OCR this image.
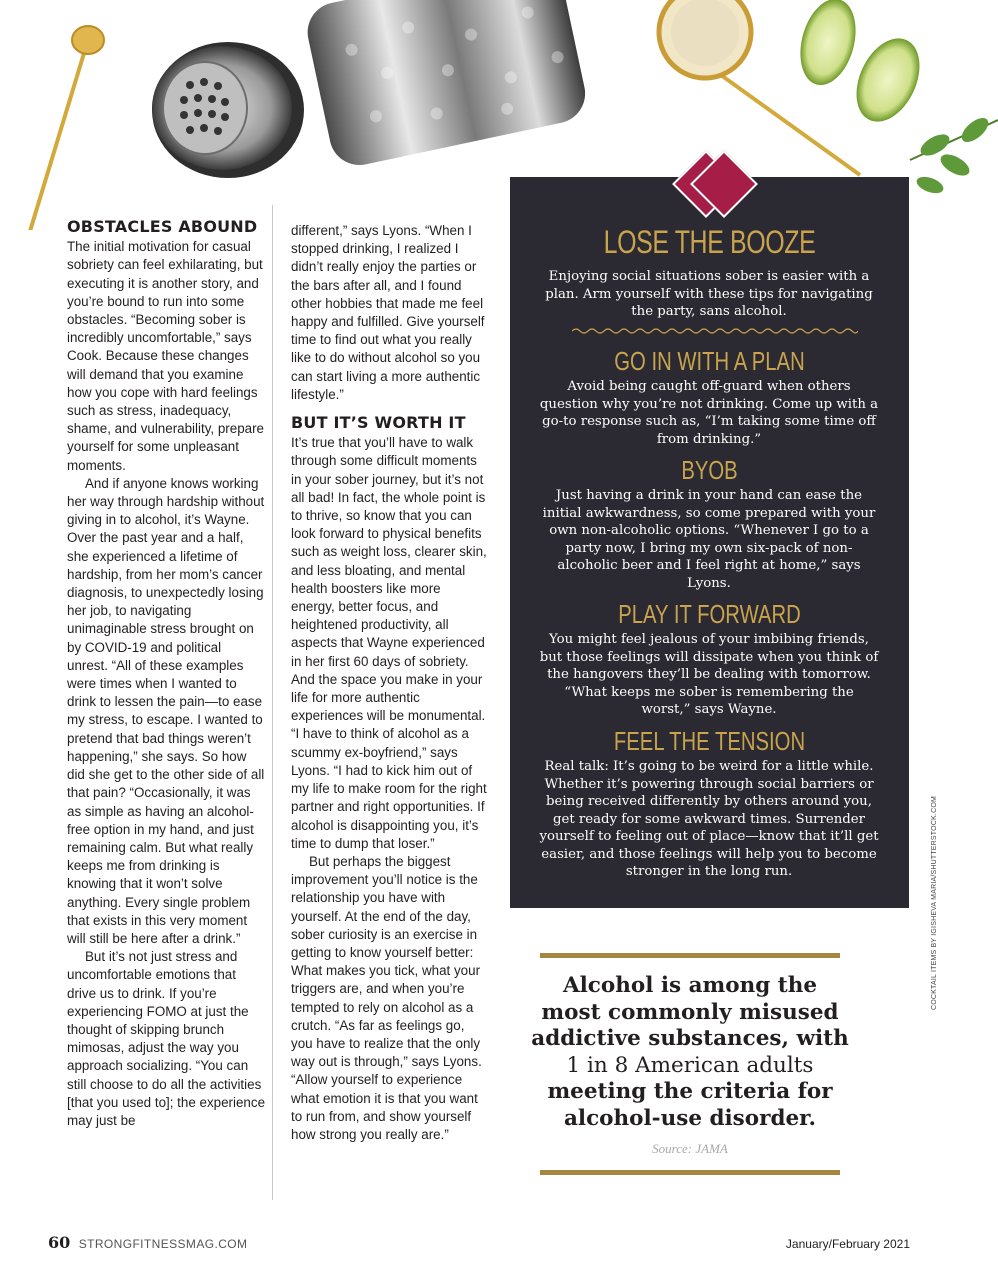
OBSTACLES ABOUND

The initial motivation for casual sobriety can feel exhilarating, but executing it is another story, and you’re bound to run into some obstacles. “Becoming sober is incredibly uncomfortable,” says Cook. Because these changes will demand that you examine how you cope with hard feelings such as stress, inadequacy, shame, and vulnerability, prepare yourself for some unpleasant moments.

And if anyone knows working her way through hardship without giving in to alcohol, it’s Wayne. Over the past year and a half, she experienced a lifetime of hardship, from her mom’s cancer diagnosis, to unexpectedly losing her job, to navigating unimaginable stress brought on by COVID-19 and political unrest. “All of these examples were times when I wanted to drink to lessen the pain—to ease my stress, to escape. I wanted to pretend that bad things weren’t happening,” she says. So how did she get to the other side of all that pain? “Occasionally, it was as simple as having an alcohol-free option in my hand, and just remaining calm. But what really keeps me from drinking is knowing that it won’t solve anything. Every single problem that exists in this very moment will still be here after a drink.”

But it’s not just stress and uncomfortable emotions that drive us to drink. If you’re experiencing FOMO at just the thought of skipping brunch mimosas, adjust the way you approach socializing. “You can still choose to do all the activities [that you used to]; the experience may just be

different,” says Lyons. “When I stopped drinking, I realized I didn’t really enjoy the parties or the bars after all, and I found other hobbies that made me feel happy and fulfilled. Give yourself time to find out what you really like to do without alcohol so you can start living a more authentic lifestyle.”

BUT IT’S WORTH IT

It’s true that you’ll have to walk through some difficult moments in your sober journey, but it’s not all bad! In fact, the whole point is to thrive, so know that you can look forward to physical benefits such as weight loss, clearer skin, and less bloating, and mental health boosters like more energy, better focus, and heightened productivity, all aspects that Wayne experienced in her first 60 days of sobriety. And the space you make in your life for more authentic experiences will be monumental. “I have to think of alcohol as a scummy ex-boyfriend,” says Lyons. “I had to kick him out of my life to make room for the right partner and right opportunities. If alcohol is disappointing you, it’s time to dump that loser.”

But perhaps the biggest improvement you’ll notice is the relationship you have with yourself. At the end of the day, sober curiosity is an exercise in getting to know yourself better: What makes you tick, what your triggers are, and when you’re tempted to rely on alcohol as a crutch. “As far as feelings go, you have to realize that the only way out is through,” says Lyons. “Allow yourself to experience what emotion it is that you want to run from, and show yourself how strong you really are.”

LOSE THE BOOZE
Enjoying social situations sober is easier with a plan. Arm yourself with these tips for navigating the party, sans alcohol.
GO IN WITH A PLAN
Avoid being caught off-guard when others question why you’re not drinking. Come up with a go-to response such as, “I’m taking some time off from drinking.”
BYOB
Just having a drink in your hand can ease the initial awkwardness, so come prepared with your own non-alcoholic options. “Whenever I go to a party now, I bring my own six-pack of non-alcoholic beer and I feel right at home,” says Lyons.
PLAY IT FORWARD
You might feel jealous of your imbibing friends, but those feelings will dissipate when you think of the hangovers they’ll be dealing with tomorrow. “What keeps me sober is remembering the worst,” says Wayne.
FEEL THE TENSION
Real talk: It’s going to be weird for a little while. Whether it’s powering through social barriers or being received differently by others around you, get ready for some awkward times. Surrender yourself to feeling out of place—know that it’ll get easier, and those feelings will help you to become stronger in the long run.
Alcohol is among the most commonly misused addictive substances, with 1 in 8 American adults meeting the criteria for alcohol-use disorder.
Source: JAMA
COCKTAIL ITEMS BY IGISHEVA MARIA/SHUTTERSTOCK.COM
60 STRONGFITNESSMAG.COM	January/February 2021
